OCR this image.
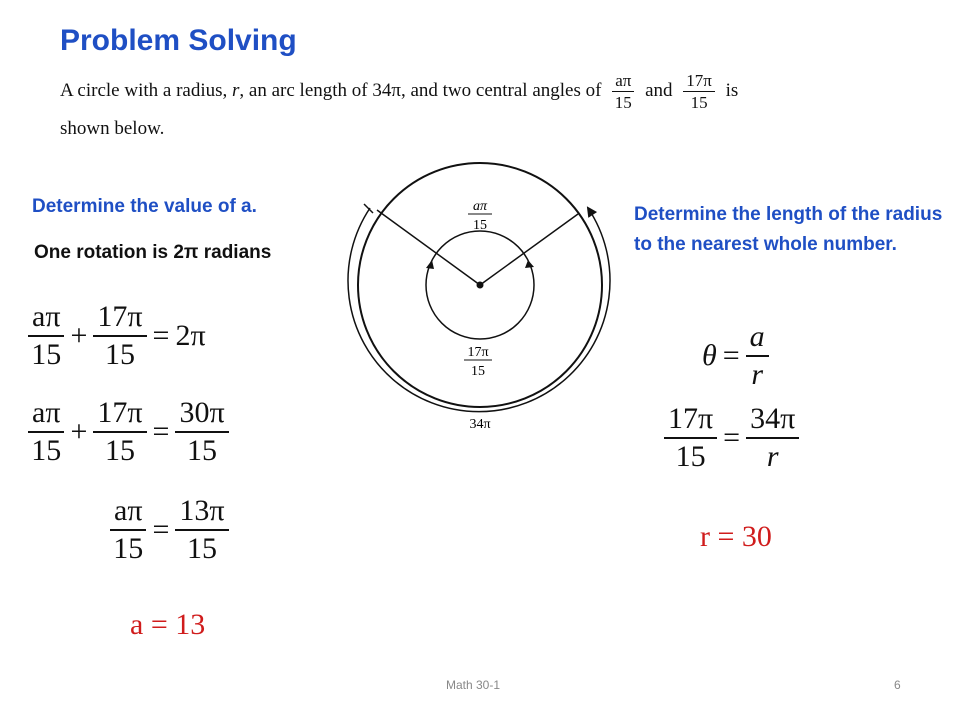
Problem Solving
A circle with a radius, r, an arc length of 34π, and two central angles of $\frac{a\pi}{15}$ and $\frac{17\pi}{15}$ is
shown below.
aπ
15
17π
15
34π
Determine the value of a.
One rotation is 2π radians
$\frac{a\pi}{15} + \frac{17\pi}{15} = 2\pi$
$\frac{a\pi}{15} + \frac{17\pi}{15} = \frac{30\pi}{15}$
$\frac{a\pi}{15} = \frac{13\pi}{15}$
a = 13
Determine the length of the radius to the nearest whole number.
$\theta = \frac{a}{r}$
$\frac{17\pi}{15} = \frac{34\pi}{r}$
r = 30
Math 30-1	6
